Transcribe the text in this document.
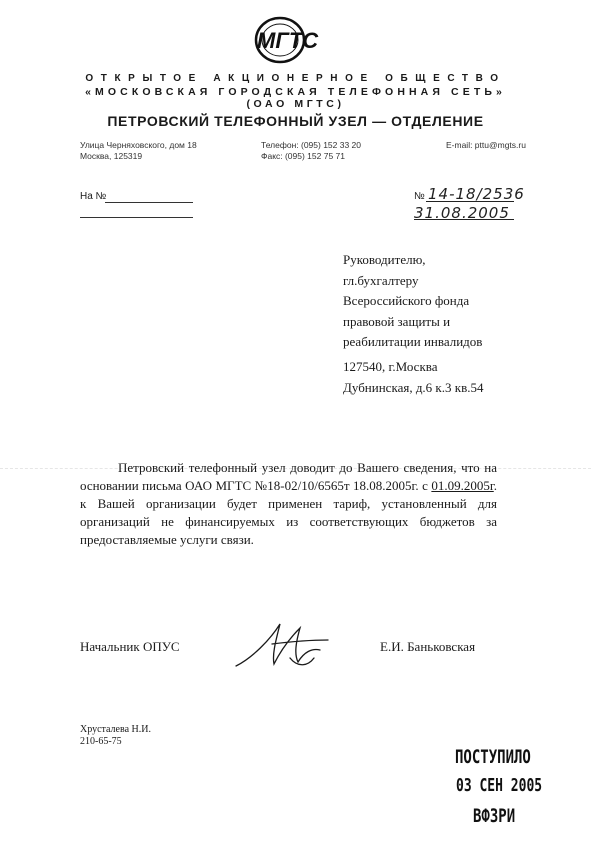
МГТС
ОТКРЫТОЕ АКЦИОНЕРНОЕ ОБЩЕСТВО
«МОСКОВСКАЯ ГОРОДСКАЯ ТЕЛЕФОННАЯ СЕТЬ»
(ОАО МГТС)
ПЕТРОВСКИЙ ТЕЛЕФОННЫЙ УЗЕЛ — ОТДЕЛЕНИЕ
Улица Черняховского, дом 18
Москва, 125319
Телефон: (095) 152 33 20
Факс: (095) 152 75 71
E-mail: pttu@mgts.ru
На №	№ 14-18/2536
31.08.2005
Руководителю,
гл.бухгалтеру
Всероссийского фонда
правовой защиты и
реабилитации инвалидов
127540, г.Москва
Дубнинская, д.6 к.3 кв.54

Петровский телефонный узел доводит до Вашего сведения, что на основании письма ОАО МГТС №18-02/10/6565т 18.08.2005г. с 01.09.2005г. к Вашей организации будет применен тариф, установленный для организаций не финансируемых из соответствующих бюджетов за предоставляемые услуги связи.

Начальник ОПУС	Е.И. Баньковская
Хрусталева Н.И.
210-65-75
ПОСТУПИЛО
03 СЕН 2005
ВФЗРИ
